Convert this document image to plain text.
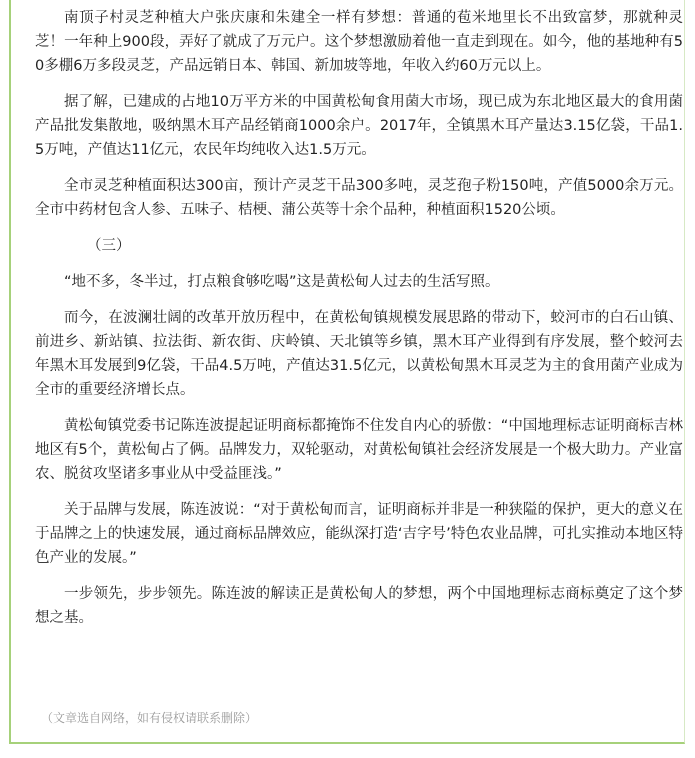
南顶子村灵芝种植大户张庆康和朱建全一样有梦想：普通的苞米地里长不出致富梦，那就种灵芝！一年种上900段，弄好了就成了万元户。这个梦想激励着他一直走到现在。如今，他的基地种有50多棚6万多段灵芝，产品远销日本、韩国、新加坡等地，年收入约60万元以上。

据了解，已建成的占地10万平方米的中国黄松甸食用菌大市场，现已成为东北地区最大的食用菌产品批发集散地，吸纳黑木耳产品经销商1000余户。2017年，全镇黑木耳产量达3.15亿袋，干品1.5万吨，产值达11亿元，农民年均纯收入达1.5万元。

全市灵芝种植面积达300亩，预计产灵芝干品300多吨，灵芝孢子粉150吨，产值5000余万元。全市中药材包含人参、五味子、桔梗、蒲公英等十余个品种，种植面积1520公顷。

（三）

“地不多，冬半过，打点粮食够吃喝”这是黄松甸人过去的生活写照。

而今，在波澜壮阔的改革开放历程中，在黄松甸镇规模发展思路的带动下，蛟河市的白石山镇、前进乡、新站镇、拉法街、新农街、庆岭镇、天北镇等乡镇，黑木耳产业得到有序发展，整个蛟河去年黑木耳发展到9亿袋，干品4.5万吨，产值达31.5亿元，以黄松甸黑木耳灵芝为主的食用菌产业成为全市的重要经济增长点。

黄松甸镇党委书记陈连波提起证明商标都掩饰不住发自内心的骄傲：“中国地理标志证明商标吉林地区有5个，黄松甸占了俩。品牌发力，双轮驱动，对黄松甸镇社会经济发展是一个极大助力。产业富农、脱贫攻坚诸多事业从中受益匪浅。”

关于品牌与发展，陈连波说：“对于黄松甸而言，证明商标并非是一种狭隘的保护，更大的意义在于品牌之上的快速发展，通过商标品牌效应，能纵深打造‘吉字号’特色农业品牌，可扎实推动本地区特色产业的发展。”

一步领先，步步领先。陈连波的解读正是黄松甸人的梦想，两个中国地理标志商标奠定了这个梦想之基。

（文章选自网络，如有侵权请联系删除）
